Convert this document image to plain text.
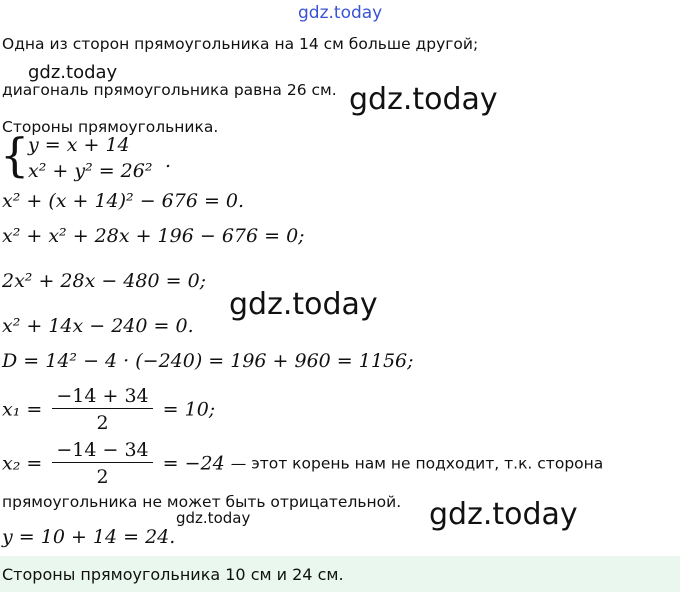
gdz.today
gdz.today
gdz.today
gdz.today
gdz.today	gdz.today
Одна из сторон прямоугольника на 14 см больше другой;
диагональ прямоугольника равна 26 см.
Стороны прямоугольника.
{
y = x + 14
x² + y² = 26² .
x² + (x + 14)² − 676 = 0.
x² + x² + 28x + 196 − 676 = 0;
2x² + 28x − 480 = 0;
x² + 14x − 240 = 0.
D = 14² − 4 · (−240) = 196 + 960 = 1156;
$x_1 = \frac{-14 + 34}{2} = 10$;
$x_2 = \frac{-14 - 34}{2} = -24$ — этот корень нам не подходит, т.к. сторона
прямоугольника не может быть отрицательной.
y = 10 + 14 = 24.
Стороны прямоугольника 10 см и 24 см.
